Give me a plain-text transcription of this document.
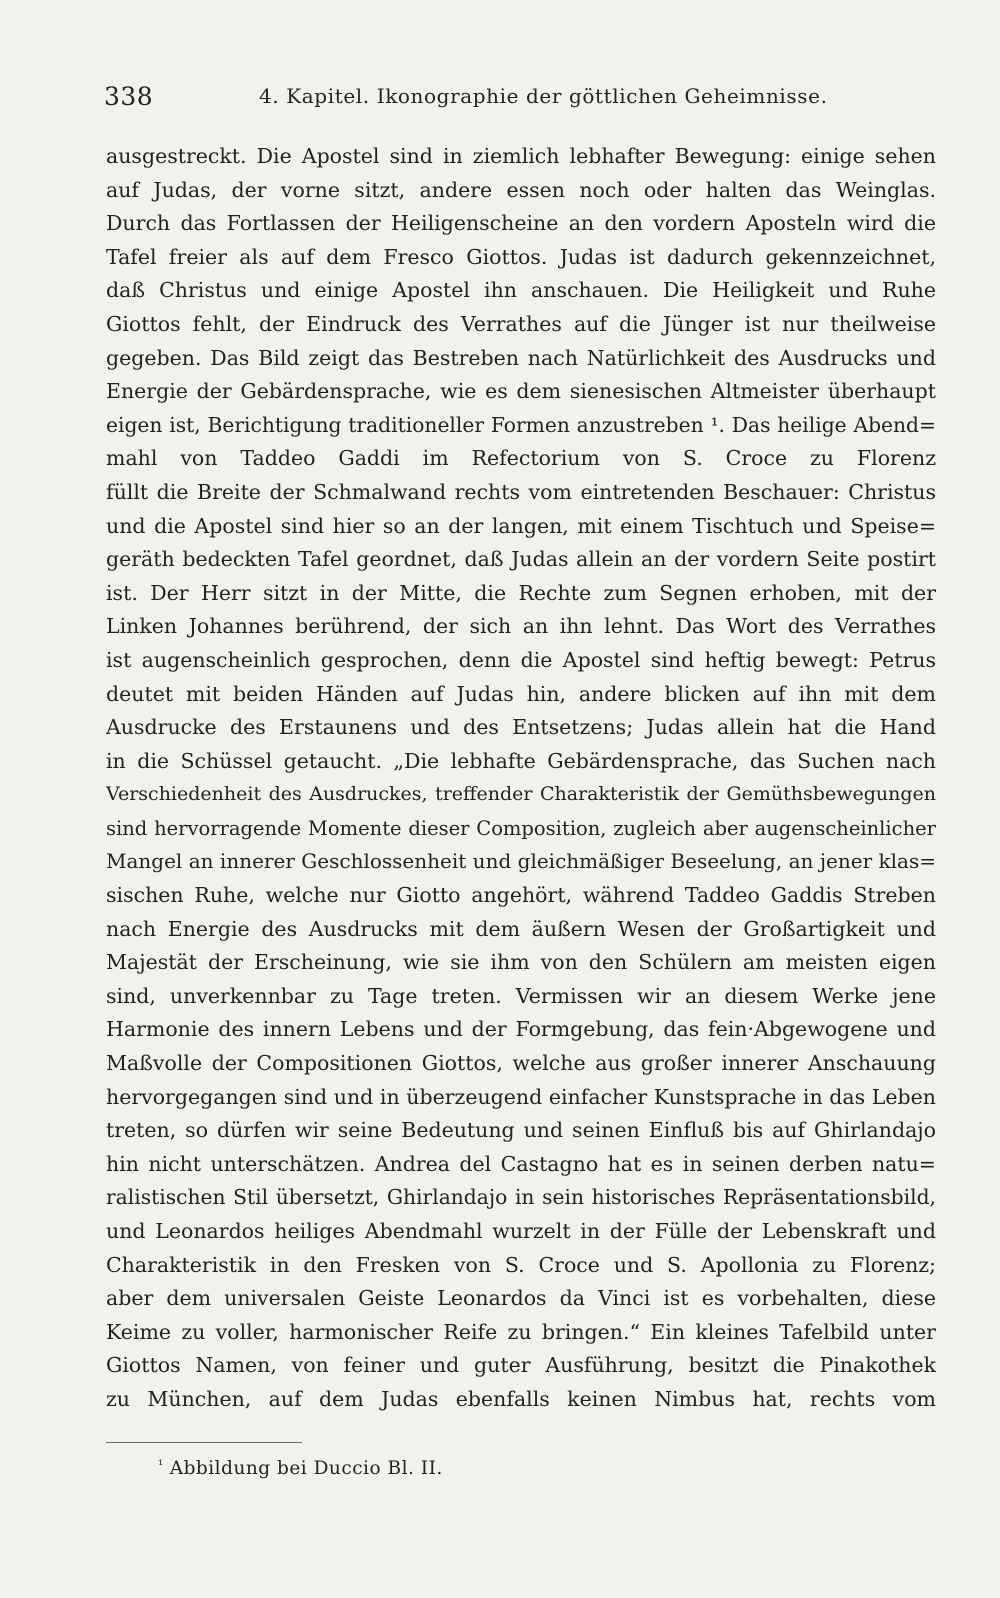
338	4. Kapitel. Ikonographie der göttlichen Geheimnisse.
ausgestreckt. Die Apostel sind in ziemlich lebhafter Bewegung: einige sehen
auf Judas, der vorne sitzt, andere essen noch oder halten das Weinglas.
Durch das Fortlassen der Heiligenscheine an den vordern Aposteln wird die
Tafel freier als auf dem Fresco Giottos. Judas ist dadurch gekennzeichnet,
daß Christus und einige Apostel ihn anschauen. Die Heiligkeit und Ruhe
Giottos fehlt, der Eindruck des Verrathes auf die Jünger ist nur theilweise
gegeben. Das Bild zeigt das Bestreben nach Natürlichkeit des Ausdrucks und
Energie der Gebärdensprache, wie es dem sienesischen Altmeister überhaupt
eigen ist, Berichtigung traditioneller Formen anzustreben ¹. Das heilige Abend=
mahl von Taddeo Gaddi im Refectorium von S. Croce zu Florenz
füllt die Breite der Schmalwand rechts vom eintretenden Beschauer: Christus
und die Apostel sind hier so an der langen, mit einem Tischtuch und Speise=
geräth bedeckten Tafel geordnet, daß Judas allein an der vordern Seite postirt
ist. Der Herr sitzt in der Mitte, die Rechte zum Segnen erhoben, mit der
Linken Johannes berührend, der sich an ihn lehnt. Das Wort des Verrathes
ist augenscheinlich gesprochen, denn die Apostel sind heftig bewegt: Petrus
deutet mit beiden Händen auf Judas hin, andere blicken auf ihn mit dem
Ausdrucke des Erstaunens und des Entsetzens; Judas allein hat die Hand
in die Schüssel getaucht. „Die lebhafte Gebärdensprache, das Suchen nach
Verschiedenheit des Ausdruckes, treffender Charakteristik der Gemüthsbewegungen
sind hervorragende Momente dieser Composition, zugleich aber augenscheinlicher
Mangel an innerer Geschlossenheit und gleichmäßiger Beseelung, an jener klas=
sischen Ruhe, welche nur Giotto angehört, während Taddeo Gaddis Streben
nach Energie des Ausdrucks mit dem äußern Wesen der Großartigkeit und
Majestät der Erscheinung, wie sie ihm von den Schülern am meisten eigen
sind, unverkennbar zu Tage treten. Vermissen wir an diesem Werke jene
Harmonie des innern Lebens und der Formgebung, das fein·Abgewogene und
Maßvolle der Compositionen Giottos, welche aus großer innerer Anschauung
hervorgegangen sind und in überzeugend einfacher Kunstsprache in das Leben
treten, so dürfen wir seine Bedeutung und seinen Einfluß bis auf Ghirlandajo
hin nicht unterschätzen. Andrea del Castagno hat es in seinen derben natu=
ralistischen Stil übersetzt, Ghirlandajo in sein historisches Repräsentationsbild,
und Leonardos heiliges Abendmahl wurzelt in der Fülle der Lebenskraft und
Charakteristik in den Fresken von S. Croce und S. Apollonia zu Florenz;
aber dem universalen Geiste Leonardos da Vinci ist es vorbehalten, diese
Keime zu voller, harmonischer Reife zu bringen.“ Ein kleines Tafelbild unter
Giottos Namen, von feiner und guter Ausführung, besitzt die Pinakothek
zu München, auf dem Judas ebenfalls keinen Nimbus hat, rechts vom
$^{^1}$ Abbildung bei Duccio Bl. II.
